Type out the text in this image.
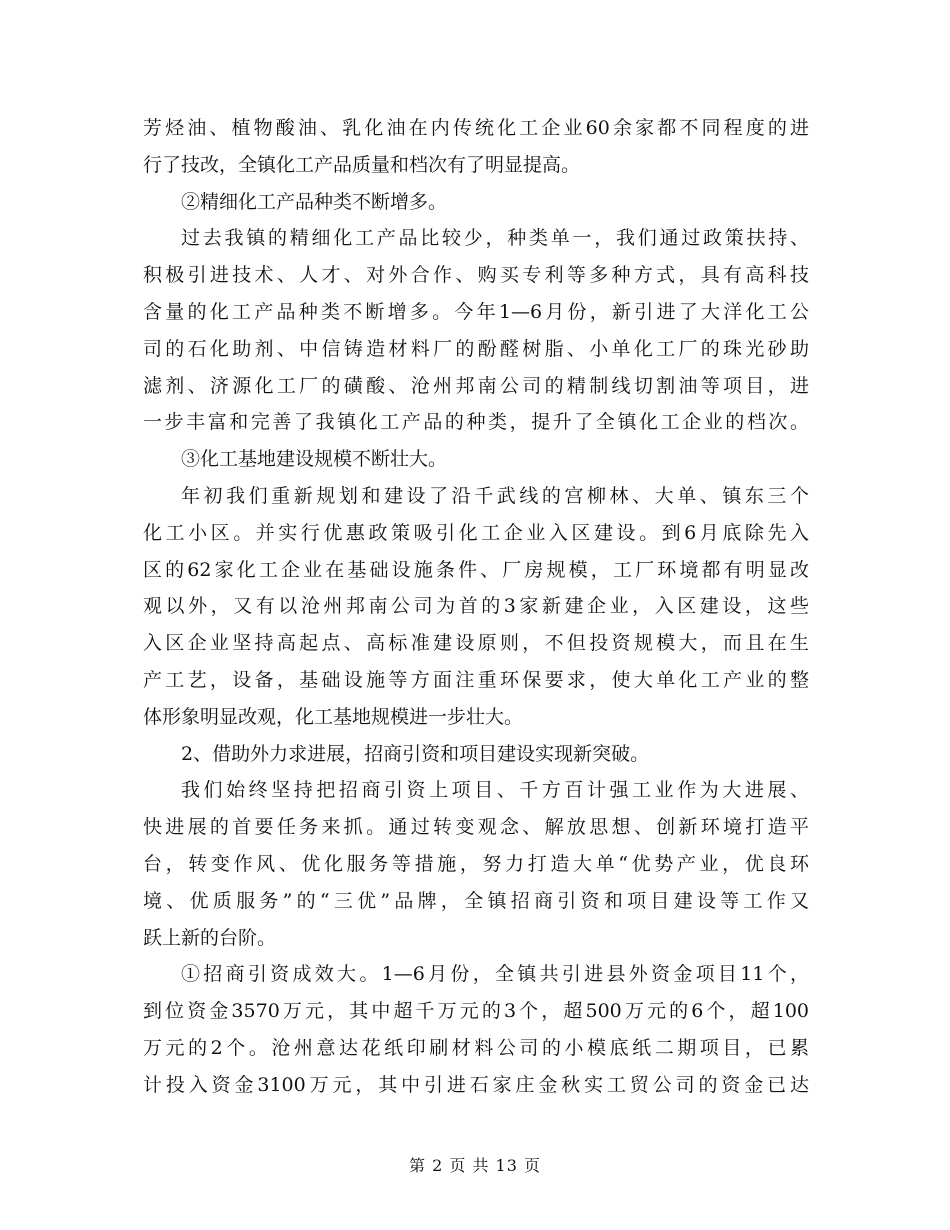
芳烃油、植物酸油、乳化油在内传统化工企业60余家都不同程度的进
行了技改，全镇化工产品质量和档次有了明显提高。
②精细化工产品种类不断增多。
过去我镇的精细化工产品比较少，种类单一，我们通过政策扶持、
积极引进技术、人才、对外合作、购买专利等多种方式，具有高科技
含量的化工产品种类不断增多。今年1—6月份，新引进了大洋化工公
司的石化助剂、中信铸造材料厂的酚醛树脂、小单化工厂的珠光砂助
滤剂、济源化工厂的磺酸、沧州邦南公司的精制线切割油等项目，进
一步丰富和完善了我镇化工产品的种类，提升了全镇化工企业的档次。
③化工基地建设规模不断壮大。
年初我们重新规划和建设了沿千武线的宫柳林、大单、镇东三个
化工小区。并实行优惠政策吸引化工企业入区建设。到6月底除先入
区的62家化工企业在基础设施条件、厂房规模，工厂环境都有明显改
观以外，又有以沧州邦南公司为首的3家新建企业，入区建设，这些
入区企业坚持高起点、高标准建设原则，不但投资规模大，而且在生
产工艺，设备，基础设施等方面注重环保要求，使大单化工产业的整
体形象明显改观，化工基地规模进一步壮大。
2、借助外力求进展，招商引资和项目建设实现新突破。
我们始终坚持把招商引资上项目、千方百计强工业作为大进展、
快进展的首要任务来抓。通过转变观念、解放思想、创新环境打造平
台，转变作风、优化服务等措施，努力打造大单“优势产业，优良环
境、优质服务”的“三优”品牌，全镇招商引资和项目建设等工作又
跃上新的台阶。
①招商引资成效大。1—6月份，全镇共引进县外资金项目11个，
到位资金3570万元，其中超千万元的3个，超500万元的6个，超100
万元的2个。沧州意达花纸印刷材料公司的小模底纸二期项目，已累
计投入资金3100万元，其中引进石家庄金秋实工贸公司的资金已达
第 2 页 共 13 页
